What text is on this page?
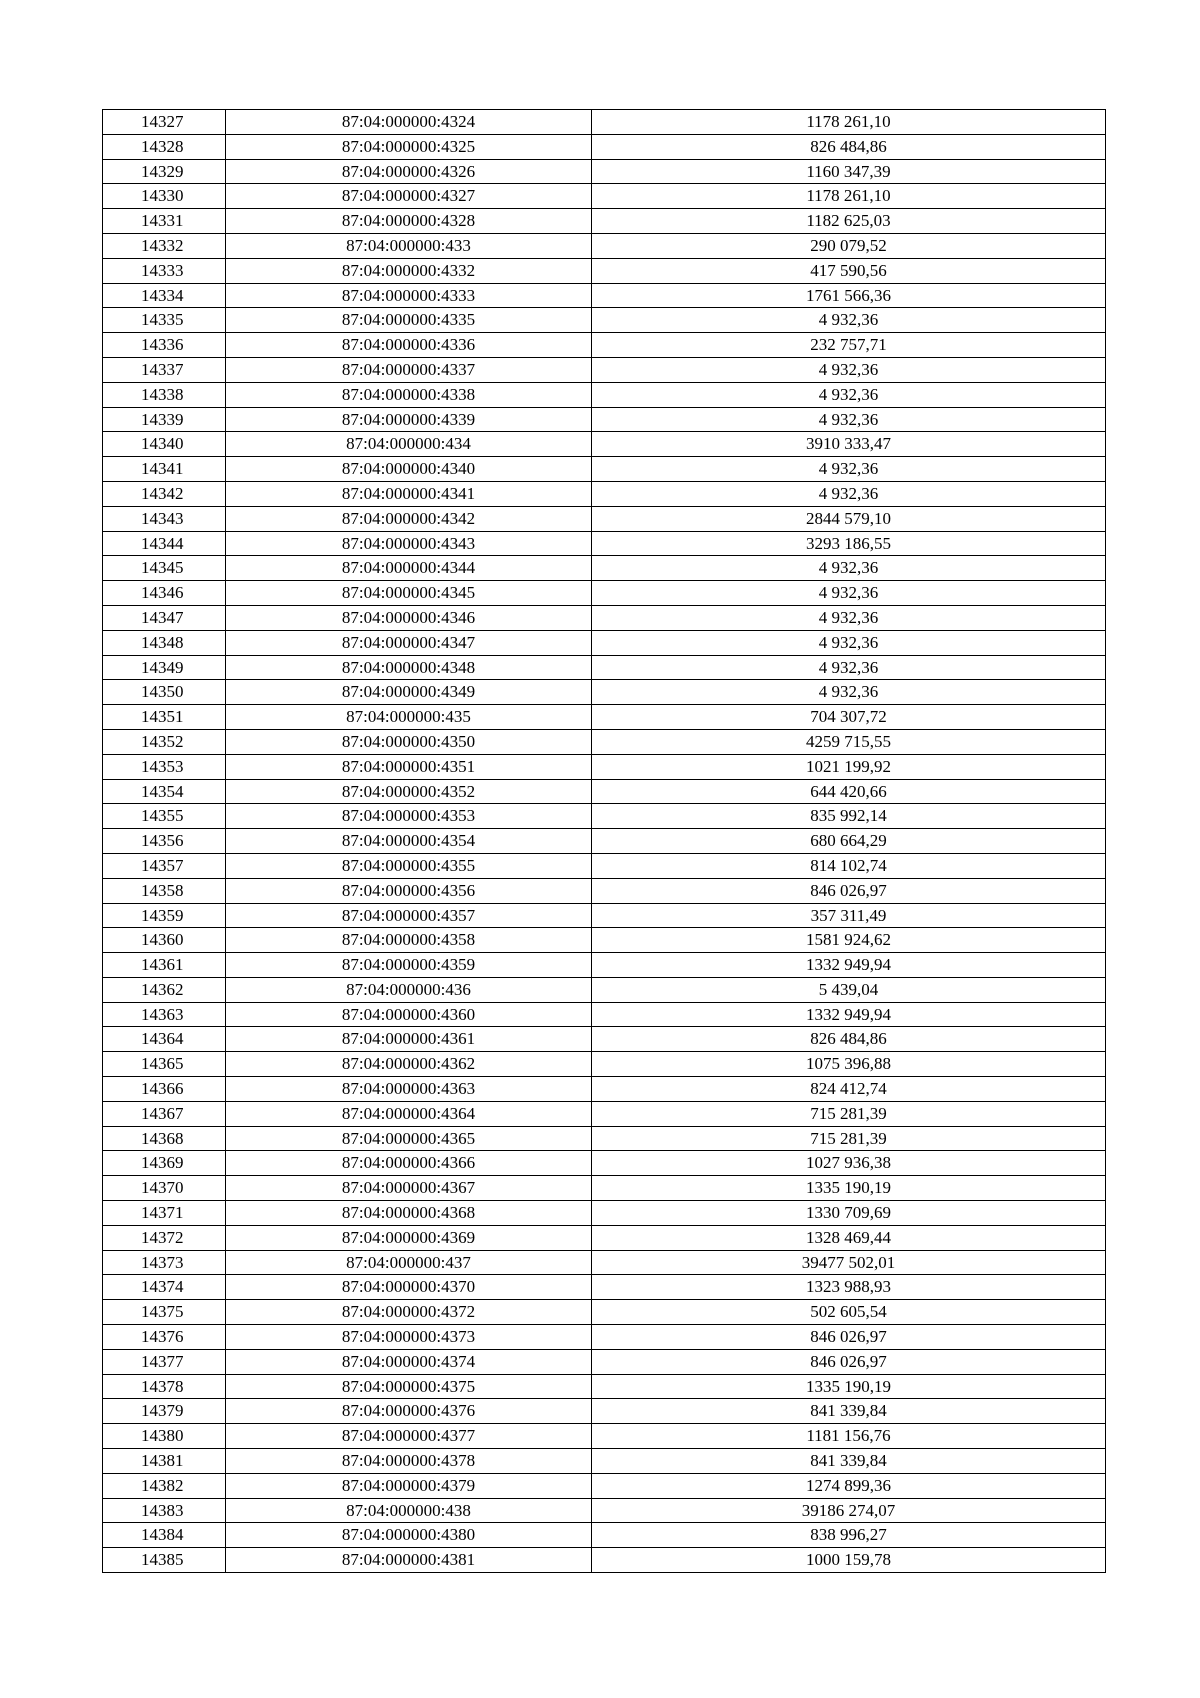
14327	87:04:000000:4324	1178 261,10
14328	87:04:000000:4325	826 484,86
14329	87:04:000000:4326	1160 347,39
14330	87:04:000000:4327	1178 261,10
14331	87:04:000000:4328	1182 625,03
14332	87:04:000000:433	290 079,52
14333	87:04:000000:4332	417 590,56
14334	87:04:000000:4333	1761 566,36
14335	87:04:000000:4335	4 932,36
14336	87:04:000000:4336	232 757,71
14337	87:04:000000:4337	4 932,36
14338	87:04:000000:4338	4 932,36
14339	87:04:000000:4339	4 932,36
14340	87:04:000000:434	3910 333,47
14341	87:04:000000:4340	4 932,36
14342	87:04:000000:4341	4 932,36
14343	87:04:000000:4342	2844 579,10
14344	87:04:000000:4343	3293 186,55
14345	87:04:000000:4344	4 932,36
14346	87:04:000000:4345	4 932,36
14347	87:04:000000:4346	4 932,36
14348	87:04:000000:4347	4 932,36
14349	87:04:000000:4348	4 932,36
14350	87:04:000000:4349	4 932,36
14351	87:04:000000:435	704 307,72
14352	87:04:000000:4350	4259 715,55
14353	87:04:000000:4351	1021 199,92
14354	87:04:000000:4352	644 420,66
14355	87:04:000000:4353	835 992,14
14356	87:04:000000:4354	680 664,29
14357	87:04:000000:4355	814 102,74
14358	87:04:000000:4356	846 026,97
14359	87:04:000000:4357	357 311,49
14360	87:04:000000:4358	1581 924,62
14361	87:04:000000:4359	1332 949,94
14362	87:04:000000:436	5 439,04
14363	87:04:000000:4360	1332 949,94
14364	87:04:000000:4361	826 484,86
14365	87:04:000000:4362	1075 396,88
14366	87:04:000000:4363	824 412,74
14367	87:04:000000:4364	715 281,39
14368	87:04:000000:4365	715 281,39
14369	87:04:000000:4366	1027 936,38
14370	87:04:000000:4367	1335 190,19
14371	87:04:000000:4368	1330 709,69
14372	87:04:000000:4369	1328 469,44
14373	87:04:000000:437	39477 502,01
14374	87:04:000000:4370	1323 988,93
14375	87:04:000000:4372	502 605,54
14376	87:04:000000:4373	846 026,97
14377	87:04:000000:4374	846 026,97
14378	87:04:000000:4375	1335 190,19
14379	87:04:000000:4376	841 339,84
14380	87:04:000000:4377	1181 156,76
14381	87:04:000000:4378	841 339,84
14382	87:04:000000:4379	1274 899,36
14383	87:04:000000:438	39186 274,07
14384	87:04:000000:4380	838 996,27
14385	87:04:000000:4381	1000 159,78
